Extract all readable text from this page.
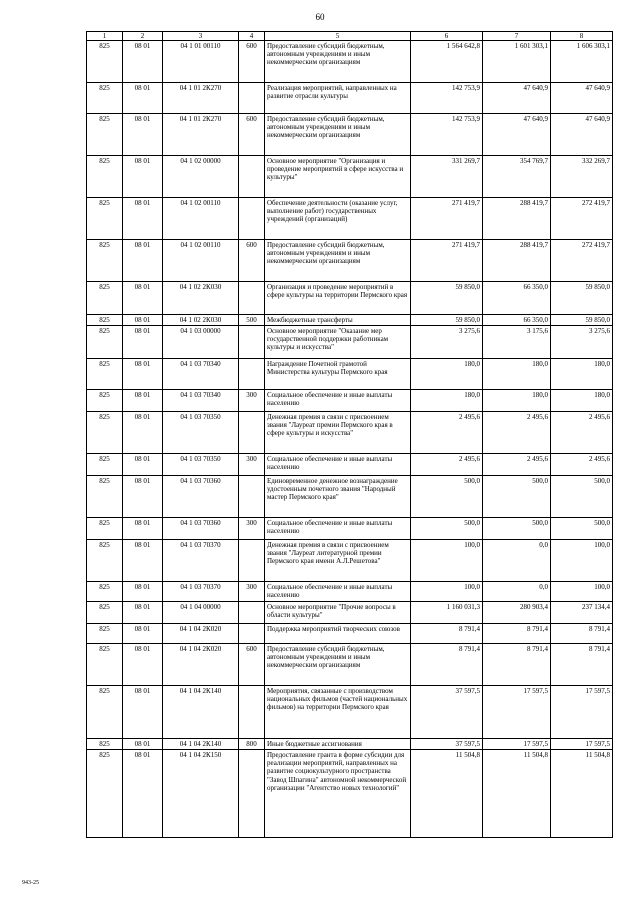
60
1	2	3	4	5	6	7	8
825	08 01	04 1 01 00110	600	Предоставление субсидий бюджетным, автономным учреждениям и иным некоммерческим организациям	1 564 642,8	1 601 303,1	1 606 303,1
825	08 01	04 1 01 2К270		Реализация мероприятий, направленных на развитие отрасли культуры	142 753,9	47 640,9	47 640,9
825	08 01	04 1 01 2К270	600	Предоставление субсидий бюджетным, автономным учреждениям и иным некоммерческим организациям	142 753,9	47 640,9	47 640,9
825	08 01	04 1 02 00000		Основное мероприятие "Организация и проведение мероприятий в сфере искусства и культуры"	331 269,7	354 769,7	332 269,7
825	08 01	04 1 02 00110		Обеспечение деятельности (оказание услуг, выполнение работ) государственных учреждений (организаций)	271 419,7	288 419,7	272 419,7
825	08 01	04 1 02 00110	600	Предоставление субсидий бюджетным, автономным учреждениям и иным некоммерческим организациям	271 419,7	288 419,7	272 419,7
825	08 01	04 1 02 2К030		Организация и проведение мероприятий в сфере культуры на территории Пермского края	59 850,0	66 350,0	59 850,0
825	08 01	04 1 02 2К030	500	Межбюджетные трансферты	59 850,0	66 350,0	59 850,0
825	08 01	04 1 03 00000		Основное мероприятие "Оказание мер государственной поддержки работникам культуры и искусства"	3 275,6	3 175,6	3 275,6
825	08 01	04 1 03 70340		Награждение Почетной грамотой Министерства культуры Пермского края	180,0	180,0	180,0
825	08 01	04 1 03 70340	300	Социальное обеспечение и иные выплаты населению	180,0	180,0	180,0
825	08 01	04 1 03 70350		Денежная премия в связи с присвоением звания "Лауреат премии Пермского края в сфере культуры и искусства"	2 495,6	2 495,6	2 495,6
825	08 01	04 1 03 70350	300	Социальное обеспечение и иные выплаты населению	2 495,6	2 495,6	2 495,6
825	08 01	04 1 03 70360		Единовременное денежное вознаграждение удостоенным почетного звания "Народный мастер Пермского края"	500,0	500,0	500,0
825	08 01	04 1 03 70360	300	Социальное обеспечение и иные выплаты населению	500,0	500,0	500,0
825	08 01	04 1 03 70370		Денежная премия в связи с присвоением звания "Лауреат литературной премии Пермского края имени А.Л.Решетова"	100,0	0,0	100,0
825	08 01	04 1 03 70370	300	Социальное обеспечение и иные выплаты населению	100,0	0,0	100,0
825	08 01	04 1 04 00000		Основное мероприятие "Прочие вопросы в области культуры"	1 160 031,3	280 903,4	237 134,4
825	08 01	04 1 04 2К020		Поддержка мероприятий творческих союзов	8 791,4	8 791,4	8 791,4
825	08 01	04 1 04 2К020	600	Предоставление субсидий бюджетным, автономным учреждениям и иным некоммерческим организациям	8 791,4	8 791,4	8 791,4
825	08 01	04 1 04 2К140		Мероприятия, связанные с производством национальных фильмов (частей национальных фильмов) на территории Пермского края	37 597,5	17 597,5	17 597,5
825	08 01	04 1 04 2К140	800	Иные бюджетные ассигнования	37 597,5	17 597,5	17 597,5
825	08 01	04 1 04 2К150		Предоставление гранта в форме субсидии для реализации мероприятий, направленных на развитие социокультурного пространства "Завод Шпагина" автономной некоммерческой организации "Агентство новых технологий"	11 504,8	11 504,8	11 504,8
943-25
